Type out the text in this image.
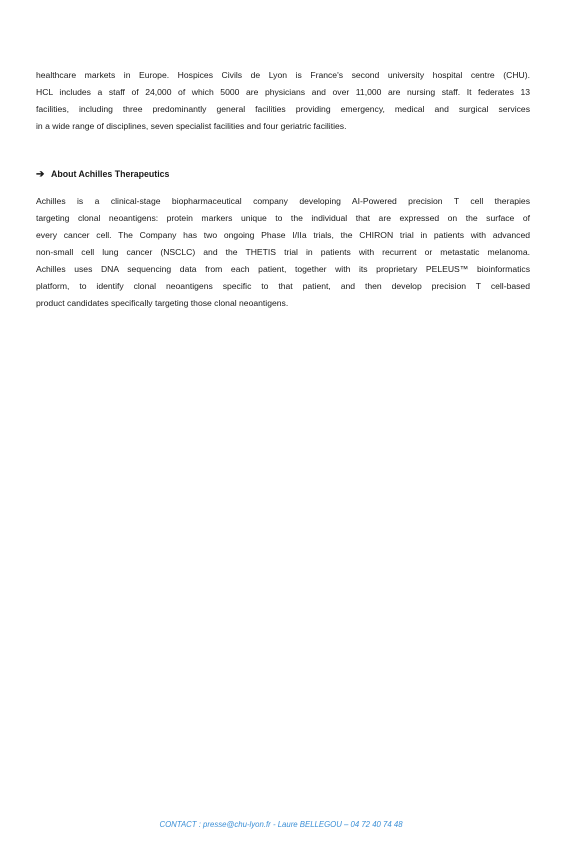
healthcare markets in Europe. Hospices Civils de Lyon is France's second university hospital centre (CHU).
HCL includes a staff of 24,000 of which 5000 are physicians and over 11,000 are nursing staff. It federates 13
facilities, including three predominantly general facilities providing emergency, medical and surgical services
in a wide range of disciplines, seven specialist facilities and four geriatric facilities.

➔ About Achilles Therapeutics

Achilles is a clinical-stage biopharmaceutical company developing AI-Powered precision T cell therapies
targeting clonal neoantigens: protein markers unique to the individual that are expressed on the surface of
every cancer cell. The Company has two ongoing Phase I/IIa trials, the CHIRON trial in patients with advanced
non-small cell lung cancer (NSCLC) and the THETIS trial in patients with recurrent or metastatic melanoma.
Achilles uses DNA sequencing data from each patient, together with its proprietary PELEUS™ bioinformatics
platform, to identify clonal neoantigens specific to that patient, and then develop precision T cell-based
product candidates specifically targeting those clonal neoantigens.

CONTACT : presse@chu-lyon.fr - Laure BELLEGOU – 04 72 40 74 48
